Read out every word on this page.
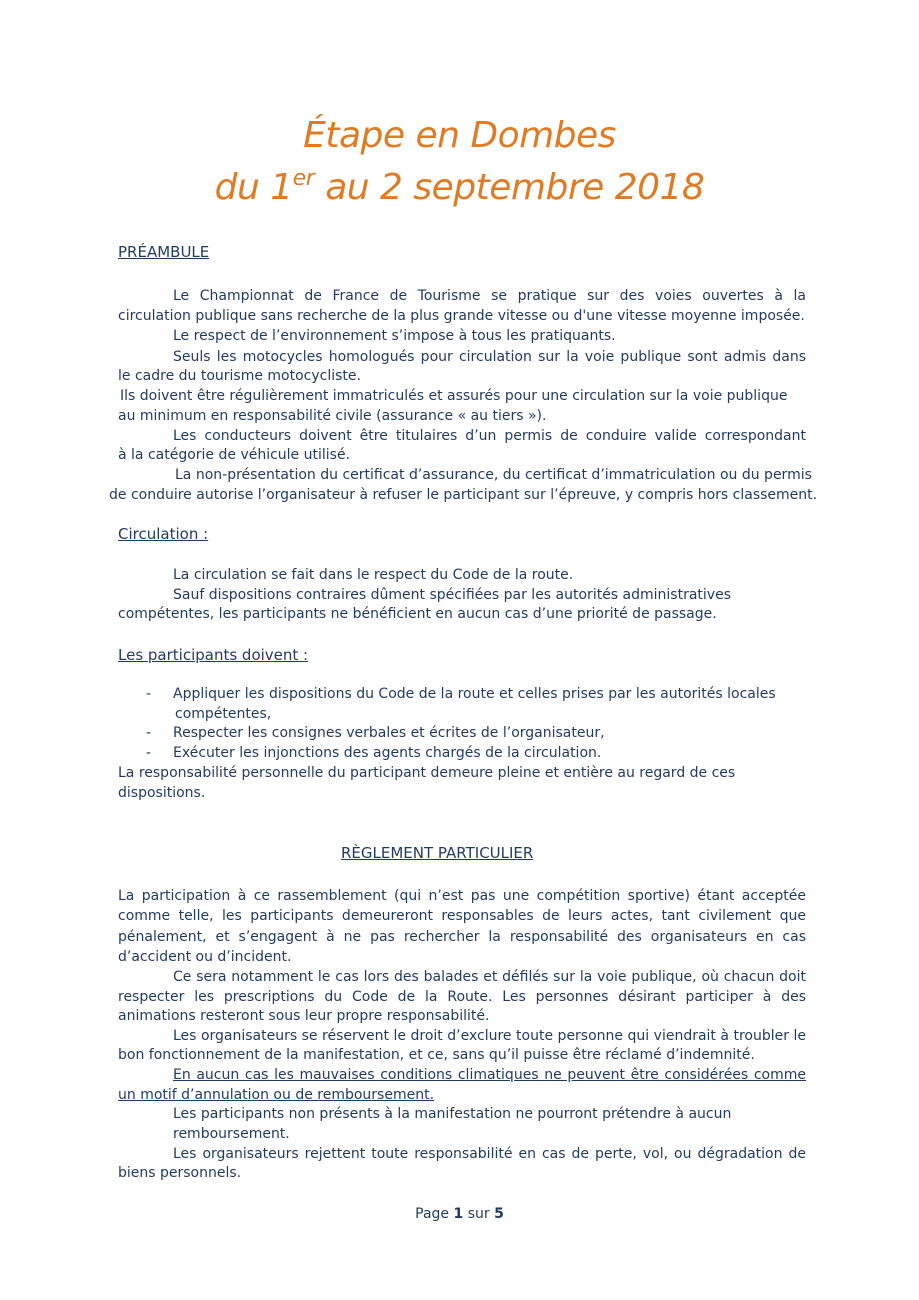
Étape en Dombes
du 1er au 2 septembre 2018
PRÉAMBULE
Le Championnat de France de Tourisme se pratique sur des voies ouvertes à la
circulation publique sans recherche de la plus grande vitesse ou d'une vitesse moyenne imposée.
Le respect de l’environnement s’impose à tous les pratiquants.
Seuls les motocycles homologués pour circulation sur la voie publique sont admis dans
le cadre du tourisme motocycliste.
Ils doivent être régulièrement immatriculés et assurés pour une circulation sur la voie publique
au minimum en responsabilité civile (assurance « au tiers »).
Les conducteurs doivent être titulaires d’un permis de conduire valide correspondant
à la catégorie de véhicule utilisé.
La non-présentation du certificat d’assurance, du certificat d’immatriculation ou du permis
de conduire autorise l’organisateur à refuser le participant sur l’épreuve, y compris hors classement.
Circulation :
La circulation se fait dans le respect du Code de la route.
Sauf dispositions contraires dûment spécifiées par les autorités administratives
compétentes, les participants ne bénéficient en aucun cas d’une priorité de passage.
Les participants doivent :
- Appliquer les dispositions du Code de la route et celles prises par les autorités locales
compétentes,
- Respecter les consignes verbales et écrites de l’organisateur,
- Exécuter les injonctions des agents chargés de la circulation.
La responsabilité personnelle du participant demeure pleine et entière au regard de ces
dispositions.
RÈGLEMENT PARTICULIER
La participation à ce rassemblement (qui n’est pas une compétition sportive) étant acceptée
comme telle, les participants demeureront responsables de leurs actes, tant civilement que
pénalement, et s’engagent à ne pas rechercher la responsabilité des organisateurs en cas
d’accident ou d’incident.
Ce sera notamment le cas lors des balades et défilés sur la voie publique, où chacun doit
respecter les prescriptions du Code de la Route. Les personnes désirant participer à des
animations resteront sous leur propre responsabilité.
Les organisateurs se réservent le droit d’exclure toute personne qui viendrait à troubler le
bon fonctionnement de la manifestation, et ce, sans qu’il puisse être réclamé d’indemnité.
En aucun cas les mauvaises conditions climatiques ne peuvent être considérées comme
un motif d’annulation ou de remboursement.
Les participants non présents à la manifestation ne pourront prétendre à aucun
remboursement.
Les organisateurs rejettent toute responsabilité en cas de perte, vol, ou dégradation de
biens personnels.
Page 1 sur 5
